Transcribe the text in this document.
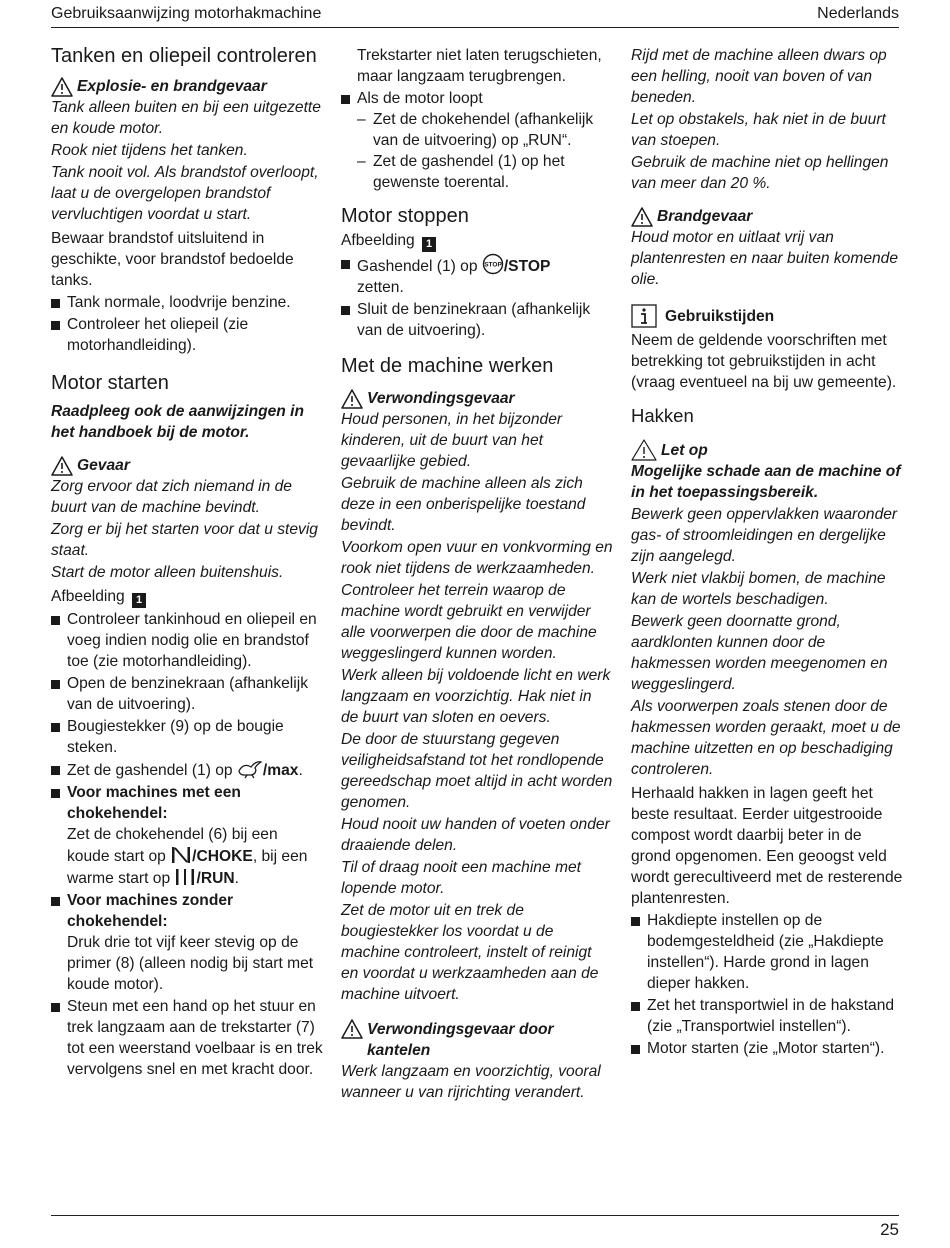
Gebruiksaanwijzing motorhakmachine	Nederlands
Tanken en oliepeil controleren
Explosie- en brandgevaar

Tank alleen buiten en bij een uitgezette en koude motor.

Rook niet tijdens het tanken.

Tank nooit vol. Als brandstof overloopt, laat u de overgelopen brandstof vervluchtigen voordat u start.

Bewaar brandstof uitsluitend in geschikte, voor brandstof bedoelde tanks.

Tank normale, loodvrije benzine.
Controleer het oliepeil (zie motorhandleiding).
Motor starten

Raadpleeg ook de aanwijzingen in het handboek bij de motor.

Gevaar

Zorg ervoor dat zich niemand in de buurt van de machine bevindt.

Zorg er bij het starten voor dat u stevig staat.

Start de motor alleen buitenshuis.

Afbeelding 1

Controleer tankinhoud en oliepeil en voeg indien nodig olie en brandstof toe (zie motorhandleiding).
Open de benzinekraan (afhankelijk van de uitvoering).
Bougiestekker (9) op de bougie steken.
Zet de gashendel (1) op /max.
Voor machines met een chokehendel:
Zet de chokehendel (6) bij een koude start op /CHOKE, bij een warme start op /RUN.
Voor machines zonder chokehendel:
Druk drie tot vijf keer stevig op de primer (8) (alleen nodig bij start met koude motor).
Steun met een hand op het stuur en trek langzaam aan de trekstarter (7) tot een weerstand voelbaar is en trek vervolgens snel en met kracht door.

Trekstarter niet laten terugschieten, maar langzaam terugbrengen.

Als de motor loopt
– Zet de chokehendel (afhankelijk van de uitvoering) op „RUN“.
– Zet de gashendel (1) op het gewenste toerental.
Motor stoppen

Afbeelding 1

Gashendel (1) op STOP /STOP
zetten.
Sluit de benzinekraan (afhankelijk van de uitvoering).
Met de machine werken
Verwondingsgevaar

Houd personen, in het bijzonder kinderen, uit de buurt van het gevaarlijke gebied.

Gebruik de machine alleen als zich deze in een onberispelijke toestand bevindt.

Voorkom open vuur en vonkvorming en rook niet tijdens de werkzaamheden.

Controleer het terrein waarop de machine wordt gebruikt en verwijder alle voorwerpen die door de machine weggeslingerd kunnen worden.

Werk alleen bij voldoende licht en werk langzaam en voorzichtig. Hak niet in de buurt van sloten en oevers.

De door de stuurstang gegeven veiligheidsafstand tot het rondlopende gereedschap moet altijd in acht worden genomen.

Houd nooit uw handen of voeten onder draaiende delen.

Til of draag nooit een machine met lopende motor.

Zet de motor uit en trek de bougiestekker los voordat u de machine controleert, instelt of reinigt en voordat u werkzaamheden aan de machine uitvoert.

Verwondingsgevaar door kantelen

Werk langzaam en voorzichtig, vooral wanneer u van rijrichting verandert.

Rijd met de machine alleen dwars op een helling, nooit van boven of van beneden.

Let op obstakels, hak niet in de buurt van stoepen.

Gebruik de machine niet op hellingen van meer dan 20 %.

Brandgevaar

Houd motor en uitlaat vrij van plantenresten en naar buiten komende olie.

Gebruikstijden

Neem de geldende voorschriften met betrekking tot gebruikstijden in acht (vraag eventueel na bij uw gemeente).

Hakken
Let op

Mogelijke schade aan de machine of in het toepassingsbereik.

Bewerk geen oppervlakken waaronder gas- of stroomleidingen en dergelijke zijn aangelegd.

Werk niet vlakbij bomen, de machine kan de wortels beschadigen.

Bewerk geen doornatte grond, aardklonten kunnen door de hakmessen worden meegenomen en weggeslingerd.

Als voorwerpen zoals stenen door de hakmessen worden geraakt, moet u de machine uitzetten en op beschadiging controleren.

Herhaald hakken in lagen geeft het beste resultaat. Eerder uitgestrooide compost wordt daarbij beter in de grond opgenomen. Een geoogst veld wordt gerecultiveerd met de resterende plantenresten.

Hakdiepte instellen op de bodemgesteldheid (zie „Hakdiepte instellen“). Harde grond in lagen dieper hakken.
Zet het transportwiel in de hakstand (zie „Transportwiel instellen“).
Motor starten (zie „Motor starten“).
25
